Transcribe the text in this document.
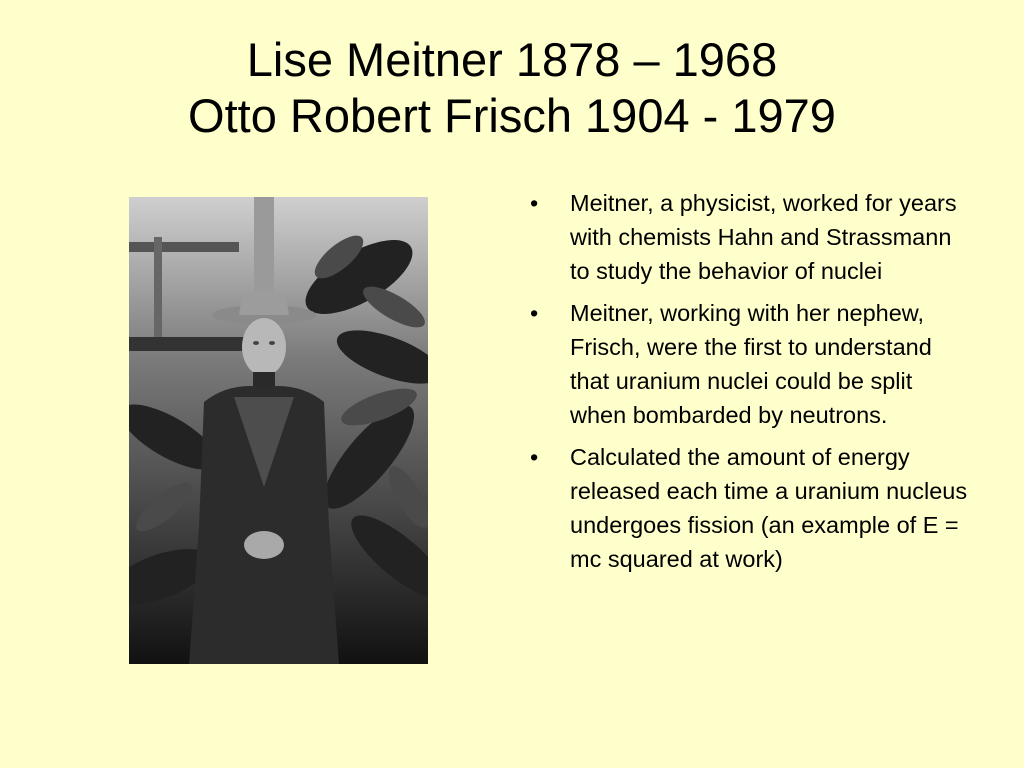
Lise Meitner 1878 – 1968
Otto Robert Frisch 1904 - 1979
•	Meitner, a physicist, worked for years with chemists Hahn and Strassmann to study the behavior of nuclei
•	Meitner, working with her nephew, Frisch, were the first to understand that uranium nuclei could be split when bombarded by neutrons.
•	Calculated the amount of energy released each time a uranium nucleus undergoes fission (an example of E = mc squared at work)
